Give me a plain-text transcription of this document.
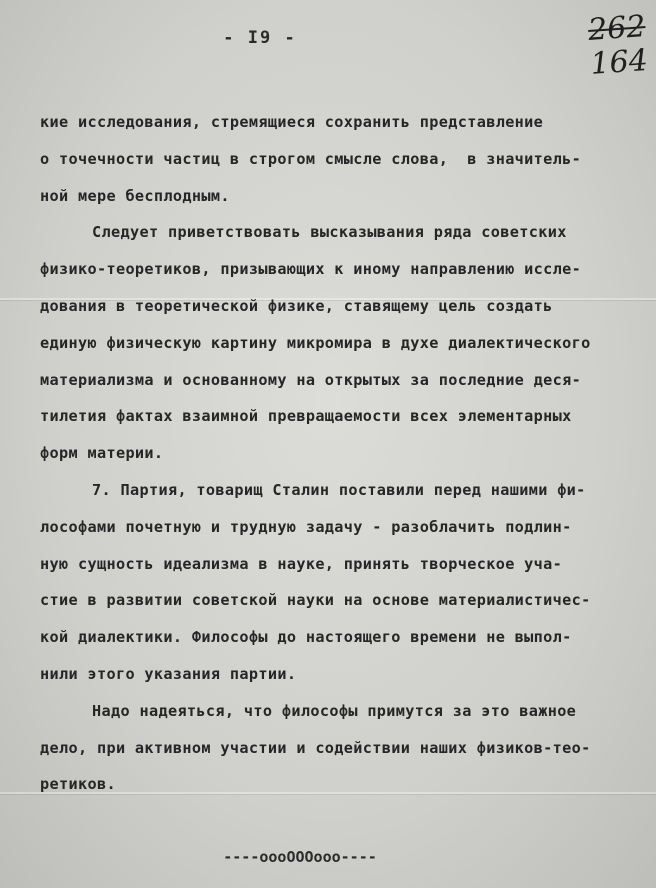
- I9 -	262
164
кие исследования, стремящиеся сохранить представление
о точечности частиц в строгом смысле слова,  в значитель-
ной мере бесплодным.
Следует приветствовать высказывания ряда советских
физико-теоретиков, призывающих к иному направлению иссле-
дования в теоретической физике, ставящему цель создать
единую физическую картину микромира в духе диалектического
материализма и основанному на открытых за последние деся-
тилетия фактах взаимной превращаемости всех элементарных
форм материи.
7. Партия, товарищ Сталин поставили перед нашими фи-
лософами почетную и трудную задачу - разоблачить подлин-
ную сущность идеализма в науке, принять творческое уча-
стие в развитии советской науки на основе материалистичес-
кой диалектики. Философы до настоящего времени не выпол-
нили этого указания партии.
Надо надеяться, что философы примутся за это важное
дело, при активном участии и содействии наших физиков-тео-
ретиков.
----oooOOOooo----
